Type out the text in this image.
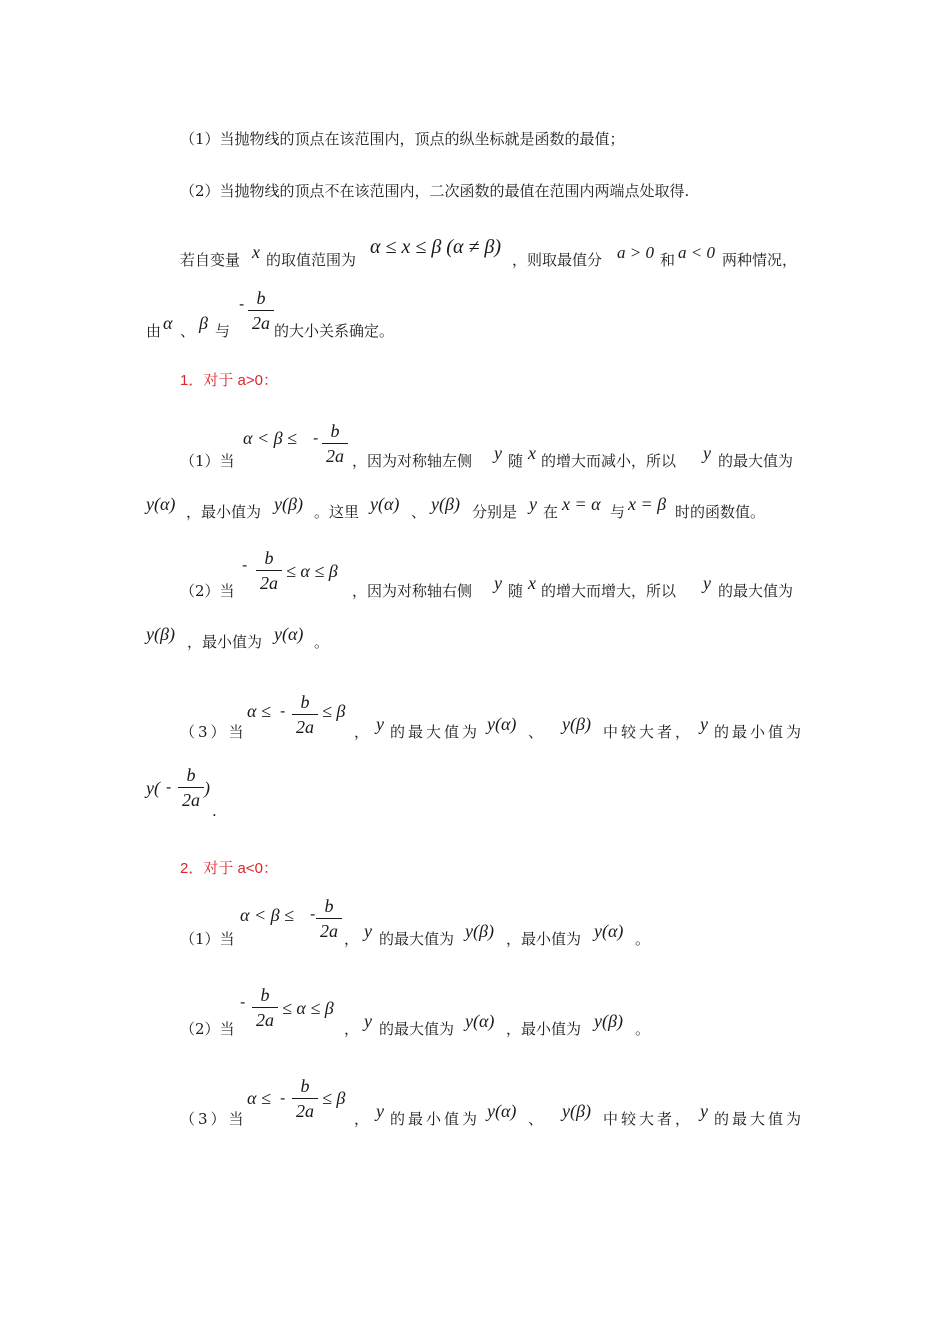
（1）当抛物线的顶点在该范围内，顶点的纵坐标就是函数的最值；
（2）当抛物线的顶点不在该范围内，二次函数的最值在范围内两端点处取得.
若自变量 x 的取值范围为
α ≤ x ≤ β (α ≠ β)
，则取最值分 a > 0 和 a < 0 两种情况，
由 α 、 β 与
- b
2a 的大小关系确定。
1．对于 a>0：
（1）当
α < β ≤ - b
2a ，因为对称轴左侧 y 随 x 的增大而减小，所以 y 的最大值为
y(α) ，最小值为 y(β) 。这里 y(α) 、 y(β) 分别是 y 在 x = α 与 x = β 时的函数值。
（2）当
- b
2a
≤ α ≤ β
，因为对称轴右侧 y 随 x 的增大而增大，所以 y 的最大值为
y(β) ，最小值为 y(α) 。
（3）当
α ≤ - b
2a
≤ β
， y 的最大值为 y(α) 、 y(β) 中较大者， y 的最小值为
y( -
b
2a
)
.
2．对于 a<0：
（1）当
α < β ≤ - b
2a ， y 的最大值为 y(β) ，最小值为 y(α) 。
（2）当
- b
2a
≤ α ≤ β
， y 的最大值为 y(α) ，最小值为 y(β) 。
（3）当
α ≤ -
b
2a
≤ β
， y 的最小值为 y(α) 、 y(β) 中较大者， y 的最大值为
